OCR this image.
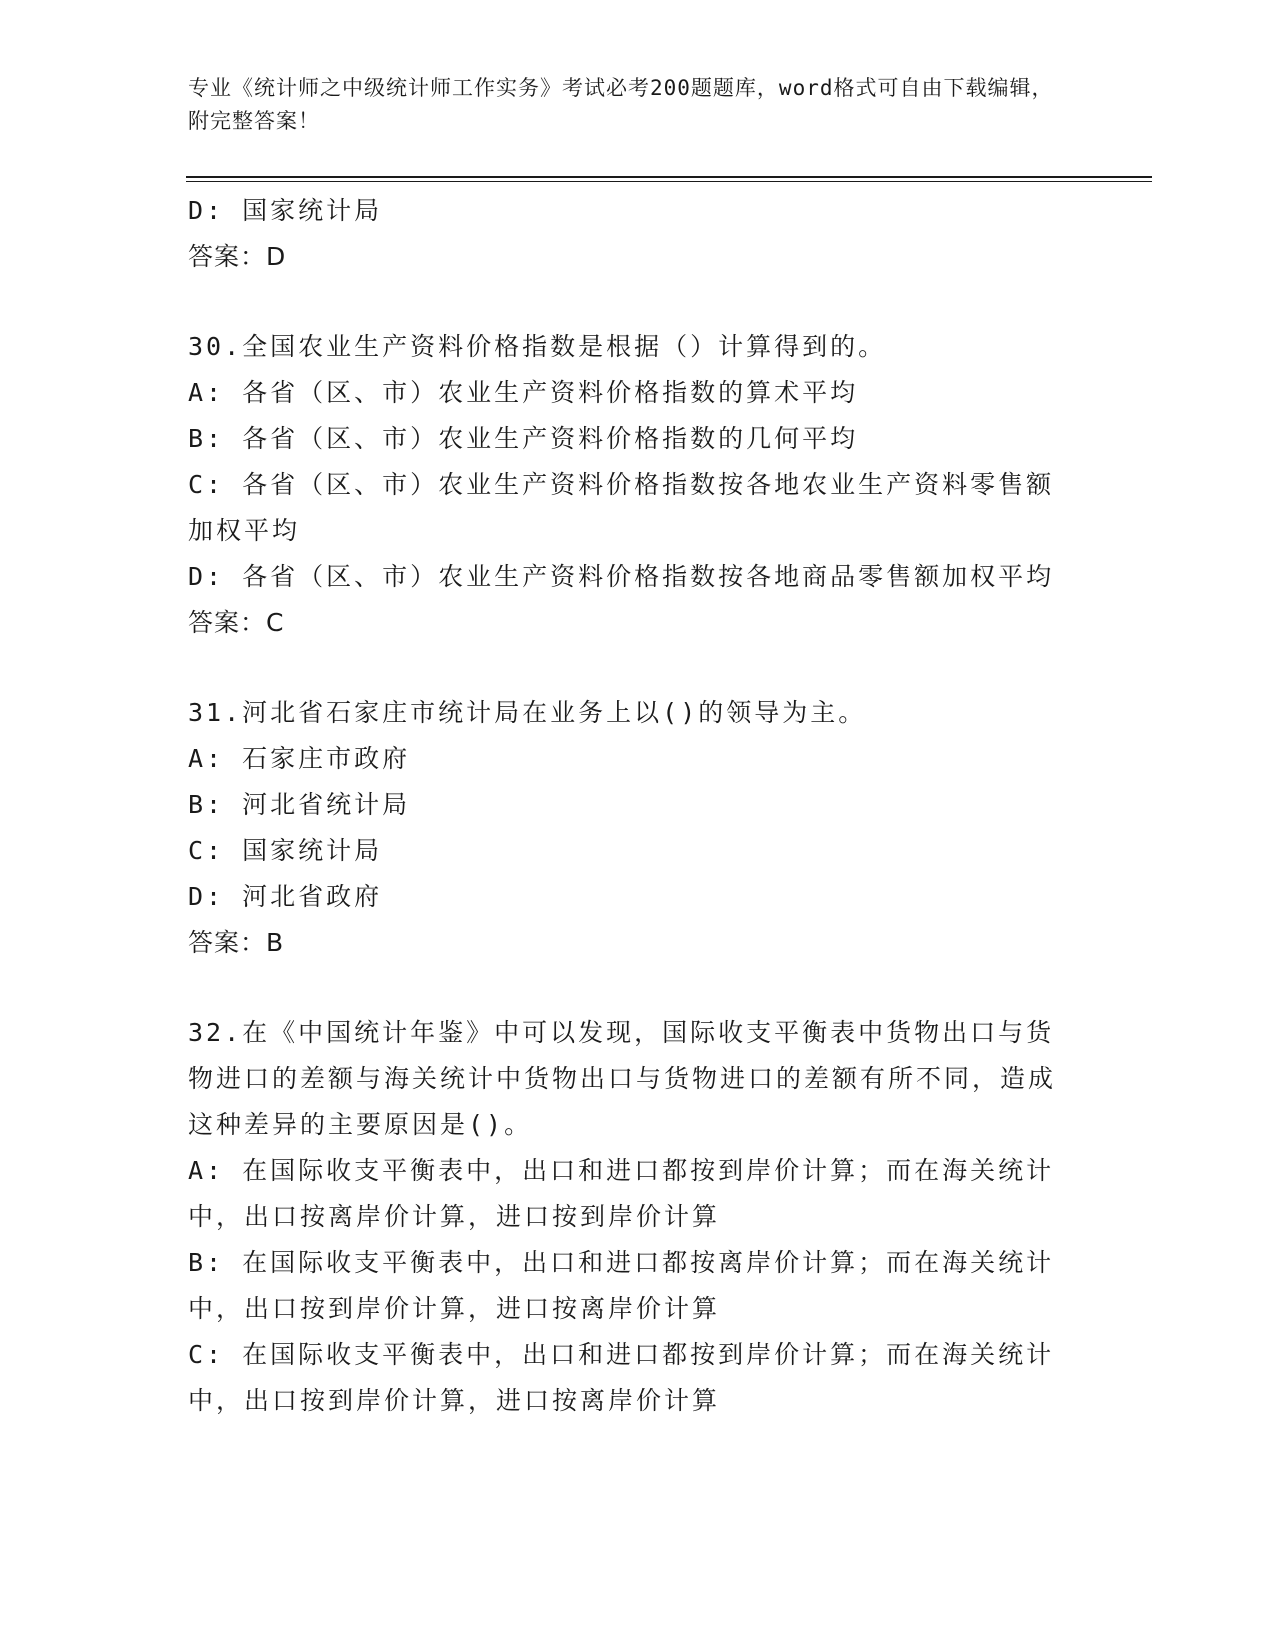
专业《统计师之中级统计师工作实务》考试必考200题题库，word格式可自由下载编辑，附完整答案！
D: 国家统计局
答案：D
30.全国农业生产资料价格指数是根据（）计算得到的。
A: 各省（区、市）农业生产资料价格指数的算术平均
B: 各省（区、市）农业生产资料价格指数的几何平均
C: 各省（区、市）农业生产资料价格指数按各地农业生产资料零售额加权平均
D: 各省（区、市）农业生产资料价格指数按各地商品零售额加权平均
答案：C
31.河北省石家庄市统计局在业务上以()的领导为主。
A: 石家庄市政府
B: 河北省统计局
C: 国家统计局
D: 河北省政府
答案：B
32.在《中国统计年鉴》中可以发现，国际收支平衡表中货物出口与货物进口的差额与海关统计中货物出口与货物进口的差额有所不同，造成这种差异的主要原因是()。
A: 在国际收支平衡表中，出口和进口都按到岸价计算；而在海关统计中，出口按离岸价计算，进口按到岸价计算
B: 在国际收支平衡表中，出口和进口都按离岸价计算；而在海关统计中，出口按到岸价计算，进口按离岸价计算
C: 在国际收支平衡表中，出口和进口都按到岸价计算；而在海关统计中，出口按到岸价计算，进口按离岸价计算
